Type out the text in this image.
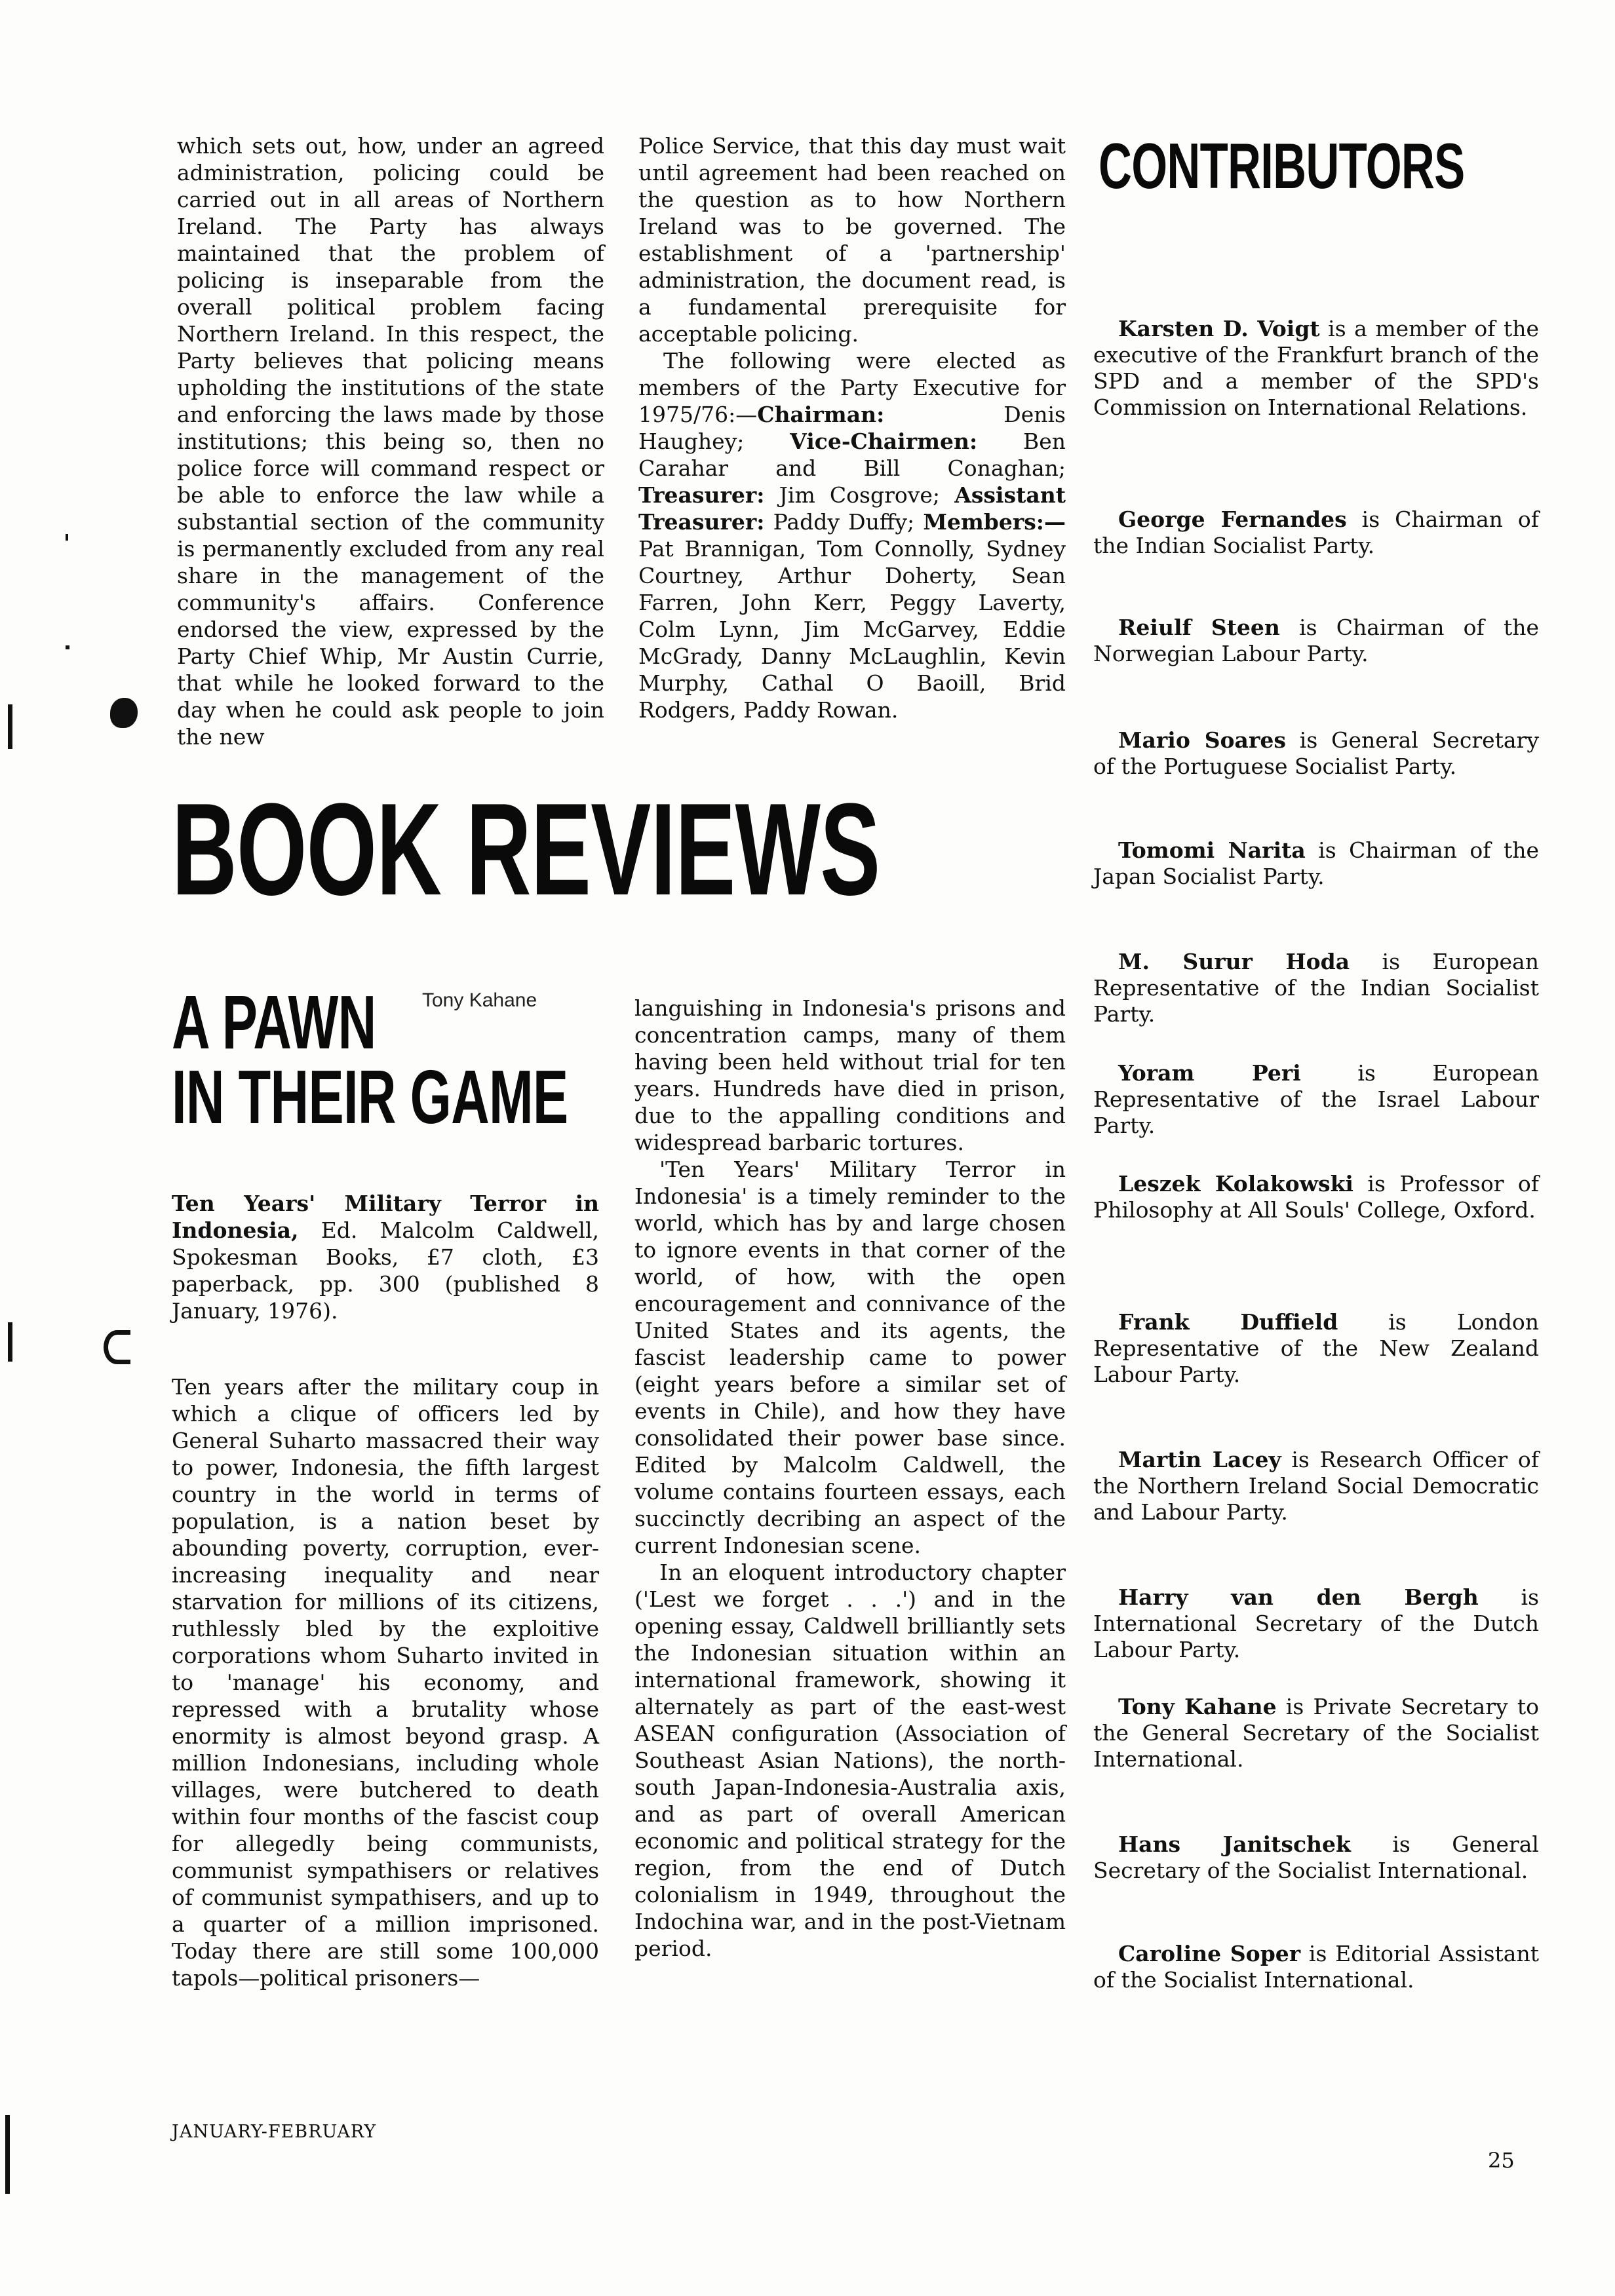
which sets out, how, under an agreed administration, policing could be carried out in all areas of Northern Ireland. The Party has always maintained that the problem of policing is inseparable from the overall political problem facing Northern Ireland. In this respect, the Party believes that policing means upholding the institutions of the state and enforcing the laws made by those institutions; this being so, then no police force will command respect or be able to enforce the law while a substantial section of the community is permanently excluded from any real share in the management of the community's affairs. Conference endorsed the view, expressed by the Party Chief Whip, Mr Austin Currie, that while he looked forward to the day when he could ask people to join the new

Police Service, that this day must wait until agreement had been reached on the question as to how Northern Ireland was to be governed. The establishment of a 'partnership' administration, the document read, is a fundamental prerequisite for acceptable policing.

The following were elected as members of the Party Executive for 1975/76:—Chairman: Denis Haughey; Vice-Chairmen: Ben Carahar and Bill Conaghan; Treasurer: Jim Cosgrove; Assistant Treasurer: Paddy Duffy; Members:—Pat Brannigan, Tom Connolly, Sydney Courtney, Arthur Doherty, Sean Farren, John Kerr, Peggy Laverty, Colm Lynn, Jim McGarvey, Eddie McGrady, Danny McLaughlin, Kevin Murphy, Cathal O Baoill, Brid Rodgers, Paddy Rowan.

CONTRIBUTORS
Karsten D. Voigt is a member of the executive of the Frankfurt branch of the SPD and a member of the SPD's Commission on International Relations.
George Fernandes is Chairman of the Indian Socialist Party.
Reiulf Steen is Chairman of the Norwegian Labour Party.
Mario Soares is General Secretary of the Portuguese Socialist Party.
Tomomi Narita is Chairman of the Japan Socialist Party.
M. Surur Hoda is European Representative of the Indian Socialist Party.
Yoram Peri is European Representative of the Israel Labour Party.
Leszek Kolakowski is Professor of Philosophy at All Souls' College, Oxford.
Frank Duffield is London Representative of the New Zealand Labour Party.
Martin Lacey is Research Officer of the Northern Ireland Social Democratic and Labour Party.
Harry van den Bergh is International Secretary of the Dutch Labour Party.
Tony Kahane is Private Secretary to the General Secretary of the Socialist International.
Hans Janitschek is General Secretary of the Socialist International.
Caroline Soper is Editorial Assistant of the Socialist International.
BOOK REVIEWS
A PAWN
IN THEIR GAME
Tony Kahane

Ten Years' Military Terror in Indonesia, Ed. Malcolm Caldwell, Spokesman Books, £7 cloth, £3 paperback, pp. 300 (published 8 January, 1976).

Ten years after the military coup in which a clique of officers led by General Suharto massacred their way to power, Indonesia, the fifth largest country in the world in terms of population, is a nation beset by abounding poverty, corruption, ever-increasing inequality and near starvation for millions of its citizens, ruthlessly bled by the exploitive corporations whom Suharto invited in to 'manage' his economy, and repressed with a brutality whose enormity is almost beyond grasp. A million Indonesians, including whole villages, were butchered to death within four months of the fascist coup for allegedly being communists, communist sympathisers or relatives of communist sympathisers, and up to a quarter of a million imprisoned. Today there are still some 100,000 tapols—political prisoners—

languishing in Indonesia's prisons and concentration camps, many of them having been held without trial for ten years. Hundreds have died in prison, due to the appalling conditions and widespread barbaric tortures.

'Ten Years' Military Terror in Indonesia' is a timely reminder to the world, which has by and large chosen to ignore events in that corner of the world, of how, with the open encouragement and connivance of the United States and its agents, the fascist leadership came to power (eight years before a similar set of events in Chile), and how they have consolidated their power base since. Edited by Malcolm Caldwell, the volume contains fourteen essays, each succinctly decribing an aspect of the current Indonesian scene.

In an eloquent introductory chapter ('Lest we forget . . .') and in the opening essay, Caldwell brilliantly sets the Indonesian situation within an international framework, showing it alternately as part of the east-west ASEAN configuration (Association of Southeast Asian Nations), the north-south Japan-Indonesia-Australia axis, and as part of overall American economic and political strategy for the region, from the end of Dutch colonialism in 1949, throughout the Indochina war, and in the post-Vietnam period.

JANUARY-FEBRUARY
25
